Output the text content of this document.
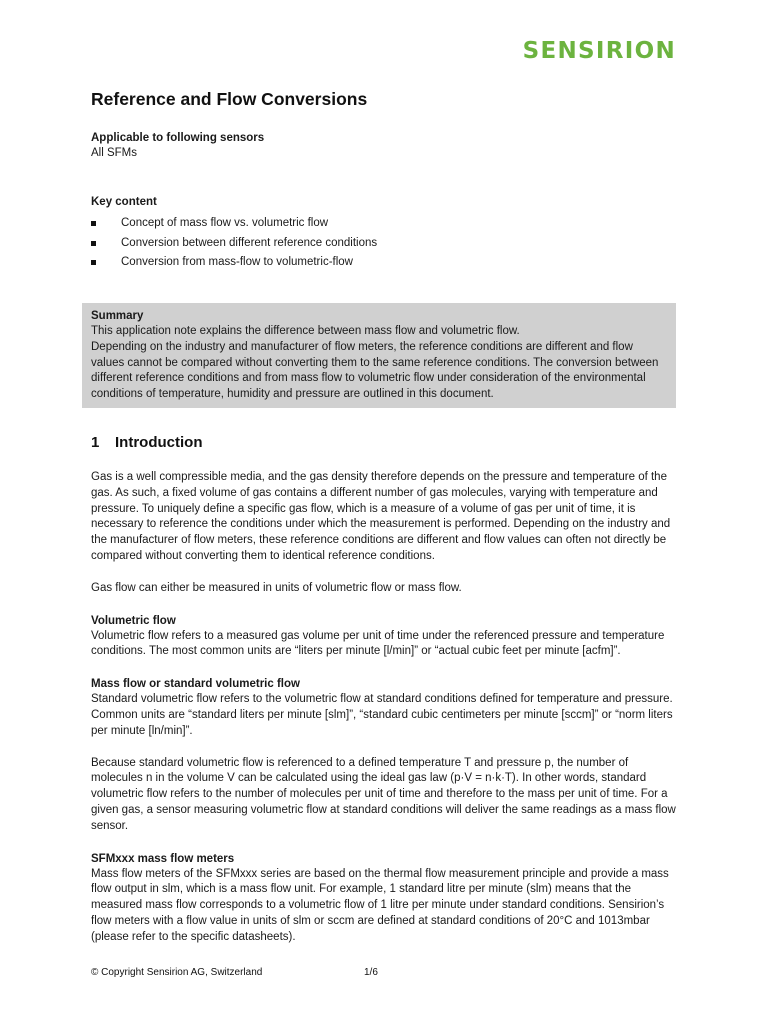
SENSIRION
Reference and Flow Conversions
Applicable to following sensors
All SFMs
Key content
Concept of mass flow vs. volumetric flow
Conversion between different reference conditions
Conversion from mass-flow to volumetric-flow
Summary
This application note explains the difference between mass flow and volumetric flow.
Depending on the industry and manufacturer of flow meters, the reference conditions are different and flow values cannot be compared without converting them to the same reference conditions. The conversion between different reference conditions and from mass flow to volumetric flow under consideration of the environmental conditions of temperature, humidity and pressure are outlined in this document.
1 Introduction
Gas is a well compressible media, and the gas density therefore depends on the pressure and temperature of the gas. As such, a fixed volume of gas contains a different number of gas molecules, varying with temperature and pressure. To uniquely define a specific gas flow, which is a measure of a volume of gas per unit of time, it is necessary to reference the conditions under which the measurement is performed. Depending on the industry and the manufacturer of flow meters, these reference conditions are different and flow values can often not directly be compared without converting them to identical reference conditions.
Gas flow can either be measured in units of volumetric flow or mass flow.
Volumetric flow
Volumetric flow refers to a measured gas volume per unit of time under the referenced pressure and temperature conditions. The most common units are “liters per minute [l/min]” or “actual cubic feet per minute [acfm]”.
Mass flow or standard volumetric flow
Standard volumetric flow refers to the volumetric flow at standard conditions defined for temperature and pressure. Common units are “standard liters per minute [slm]”, “standard cubic centimeters per minute [sccm]” or “norm liters per minute [ln/min]”.
Because standard volumetric flow is referenced to a defined temperature T and pressure p, the number of molecules n in the volume V can be calculated using the ideal gas law (p·V = n·k·T). In other words, standard volumetric flow refers to the number of molecules per unit of time and therefore to the mass per unit of time. For a given gas, a sensor measuring volumetric flow at standard conditions will deliver the same readings as a mass flow sensor.
SFMxxx mass flow meters
Mass flow meters of the SFMxxx series are based on the thermal flow measurement principle and provide a mass flow output in slm, which is a mass flow unit. For example, 1 standard litre per minute (slm) means that the measured mass flow corresponds to a volumetric flow of 1 litre per minute under standard conditions. Sensirion’s flow meters with a flow value in units of slm or sccm are defined at standard conditions of 20°C and 1013mbar (please refer to the specific datasheets).
© Copyright Sensirion AG, Switzerland	1/6
